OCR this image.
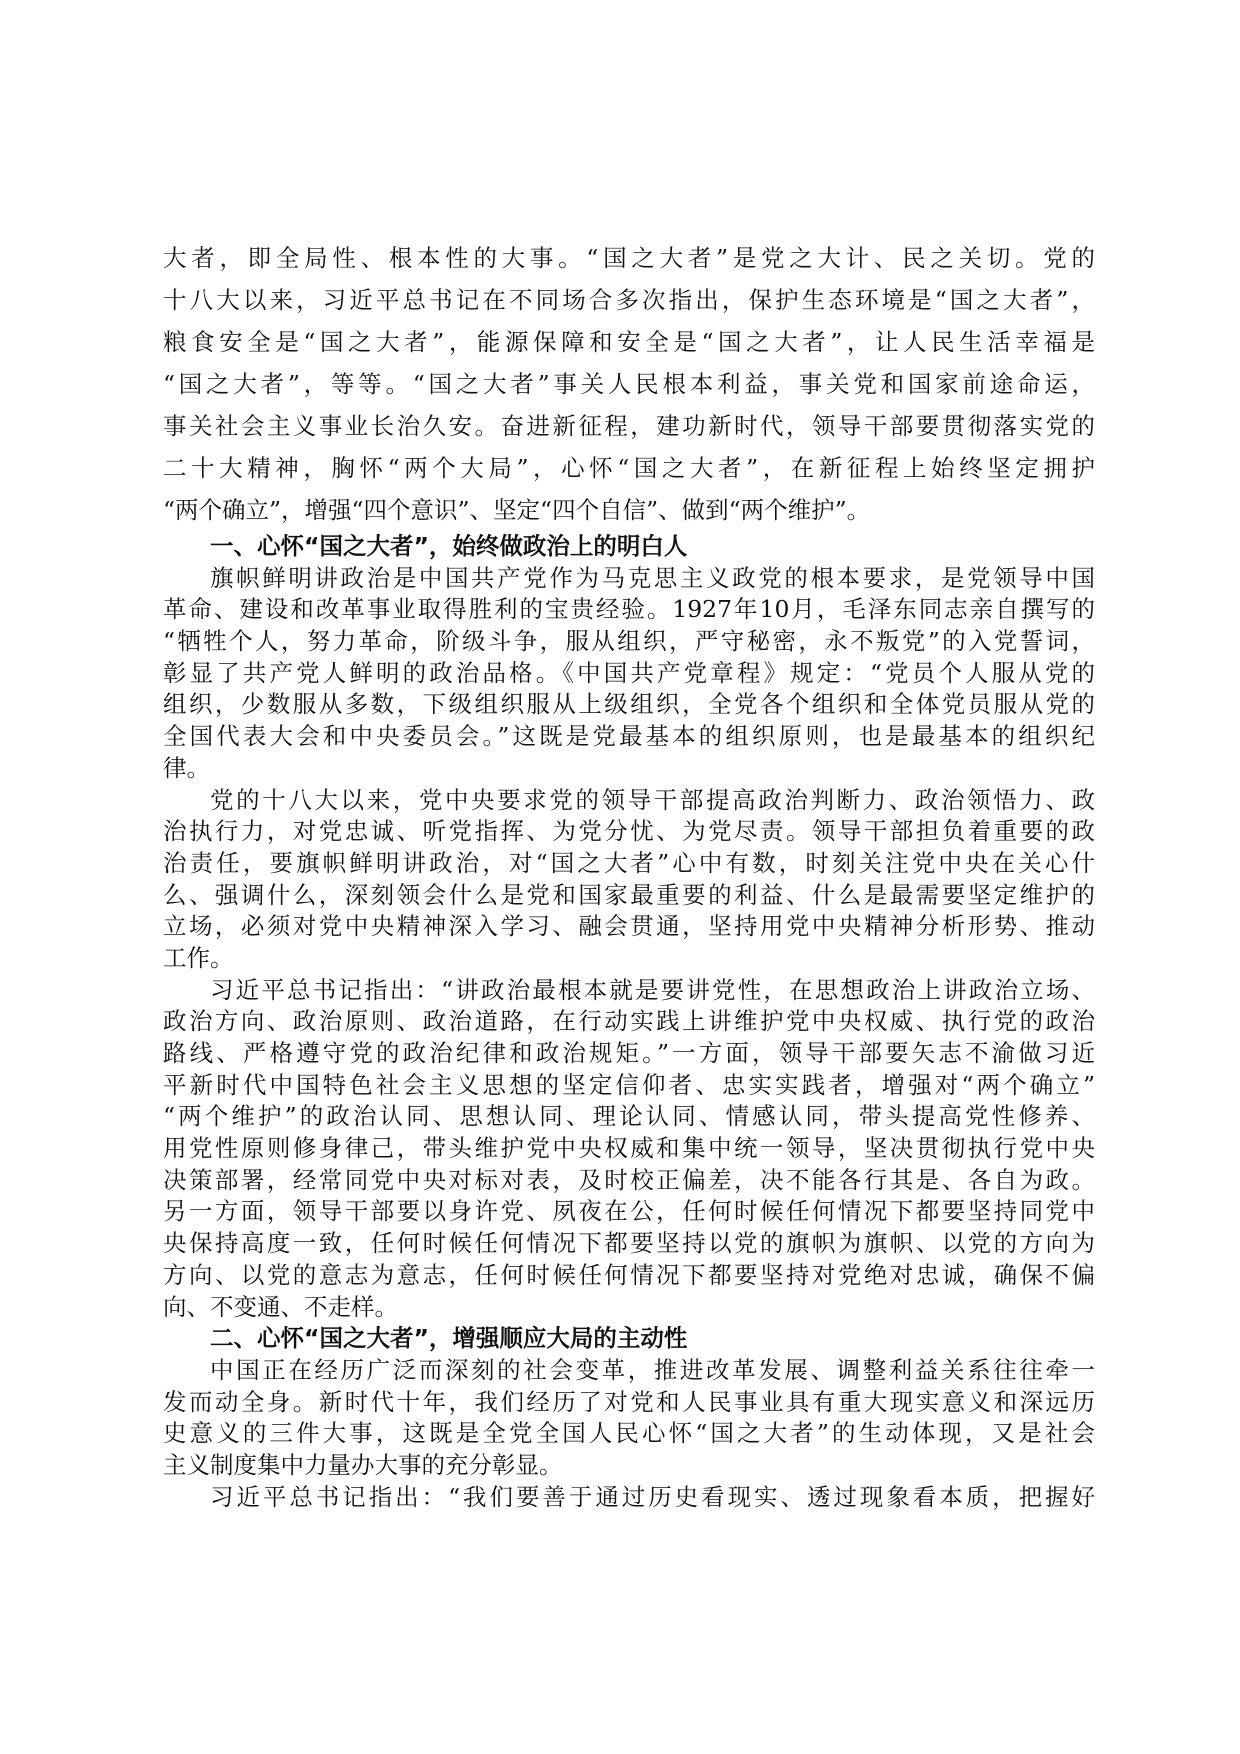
大者，即全局性、根本性的大事。“国之大者”是党之大计、民之关切。党的
十八大以来，习近平总书记在不同场合多次指出，保护生态环境是“国之大者”，
粮食安全是“国之大者”，能源保障和安全是“国之大者”，让人民生活幸福是
“国之大者”，等等。“国之大者”事关人民根本利益，事关党和国家前途命运，
事关社会主义事业长治久安。奋进新征程，建功新时代，领导干部要贯彻落实党的
二十大精神，胸怀“两个大局”，心怀“国之大者”，在新征程上始终坚定拥护
“两个确立”，增强“四个意识”、坚定“四个自信”、做到“两个维护”。
一、心怀“国之大者”，始终做政治上的明白人
旗帜鲜明讲政治是中国共产党作为马克思主义政党的根本要求，是党领导中国
革命、建设和改革事业取得胜利的宝贵经验。1927年10月，毛泽东同志亲自撰写的
“牺牲个人，努力革命，阶级斗争，服从组织，严守秘密，永不叛党”的入党誓词，
彰显了共产党人鲜明的政治品格。《中国共产党章程》规定：“党员个人服从党的
组织，少数服从多数，下级组织服从上级组织，全党各个组织和全体党员服从党的
全国代表大会和中央委员会。”这既是党最基本的组织原则，也是最基本的组织纪
律。
党的十八大以来，党中央要求党的领导干部提高政治判断力、政治领悟力、政
治执行力，对党忠诚、听党指挥、为党分忧、为党尽责。领导干部担负着重要的政
治责任，要旗帜鲜明讲政治，对“国之大者”心中有数，时刻关注党中央在关心什
么、强调什么，深刻领会什么是党和国家最重要的利益、什么是最需要坚定维护的
立场，必须对党中央精神深入学习、融会贯通，坚持用党中央精神分析形势、推动
工作。
习近平总书记指出：“讲政治最根本就是要讲党性，在思想政治上讲政治立场、
政治方向、政治原则、政治道路，在行动实践上讲维护党中央权威、执行党的政治
路线、严格遵守党的政治纪律和政治规矩。”一方面，领导干部要矢志不渝做习近
平新时代中国特色社会主义思想的坚定信仰者、忠实实践者，增强对“两个确立”
“两个维护”的政治认同、思想认同、理论认同、情感认同，带头提高党性修养、
用党性原则修身律己，带头维护党中央权威和集中统一领导，坚决贯彻执行党中央
决策部署，经常同党中央对标对表，及时校正偏差，决不能各行其是、各自为政。
另一方面，领导干部要以身许党、夙夜在公，任何时候任何情况下都要坚持同党中
央保持高度一致，任何时候任何情况下都要坚持以党的旗帜为旗帜、以党的方向为
方向、以党的意志为意志，任何时候任何情况下都要坚持对党绝对忠诚，确保不偏
向、不变通、不走样。
二、心怀“国之大者”，增强顺应大局的主动性
中国正在经历广泛而深刻的社会变革，推进改革发展、调整利益关系往往牵一
发而动全身。新时代十年，我们经历了对党和人民事业具有重大现实意义和深远历
史意义的三件大事，这既是全党全国人民心怀“国之大者”的生动体现，又是社会
主义制度集中力量办大事的充分彰显。
习近平总书记指出：“我们要善于通过历史看现实、透过现象看本质，把握好
